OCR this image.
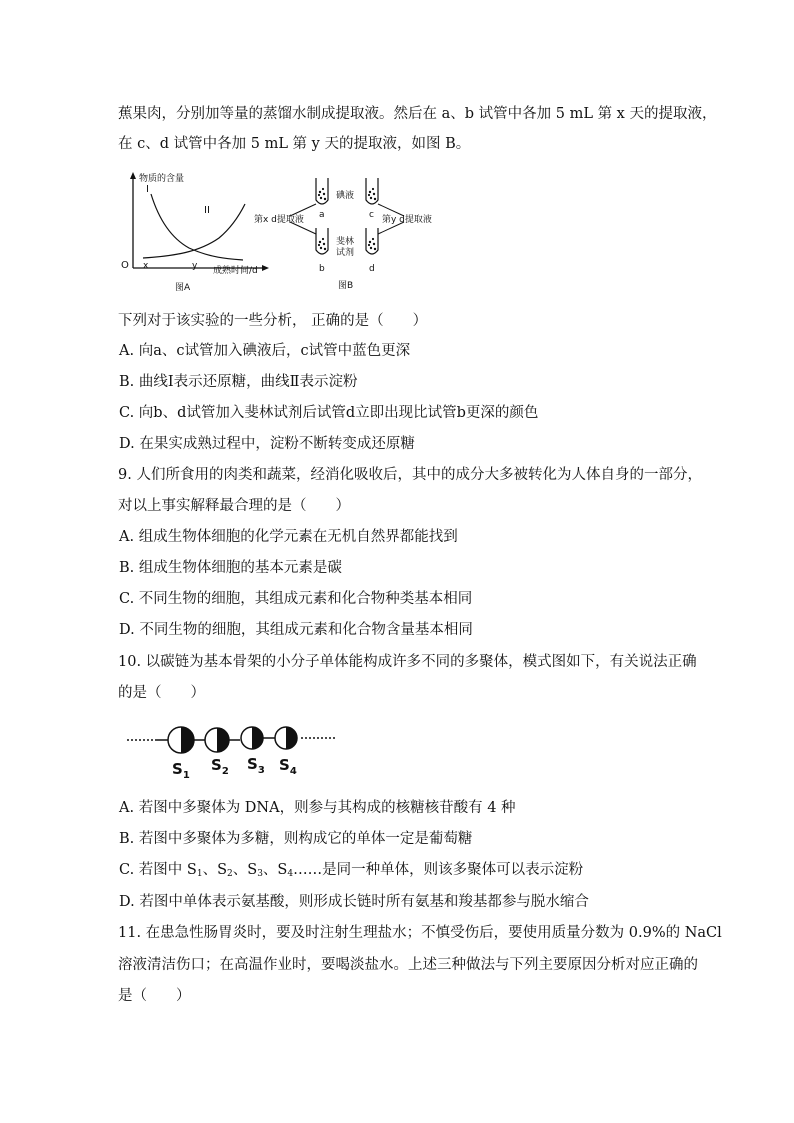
蕉果肉，分别加等量的蒸馏水制成提取液。然后在 a、b 试管中各加 5 mL 第 x 天的提取液，
在 c、d 试管中各加 5 mL 第 y 天的提取液，如图 B。
I
II
物质的含量
O x	y 成熟时间/d
图A
a	c
b	d
碘液
斐林
试剂
第x d提取液	第y d提取液
图B
下列对于该实验的一些分析， 正确的是（　　）
A. 向a、c试管加入碘液后，c试管中蓝色更深
B. 曲线Ⅰ表示还原糖，曲线Ⅱ表示淀粉
C. 向b、d试管加入斐林试剂后试管d立即出现比试管b更深的颜色
D. 在果实成熟过程中，淀粉不断转变成还原糖
9. 人们所食用的肉类和蔬菜，经消化吸收后，其中的成分大多被转化为人体自身的一部分，
对以上事实解释最合理的是（　　）
A. 组成生物体细胞的化学元素在无机自然界都能找到
B. 组成生物体细胞的基本元素是碳
C. 不同生物的细胞，其组成元素和化合物种类基本相同
D. 不同生物的细胞，其组成元素和化合物含量基本相同
10. 以碳链为基本骨架的小分子单体能构成许多不同的多聚体，模式图如下，有关说法正确
的是（　　）
$S_1$
$S_2$ $S_3$ $S_4$
A. 若图中多聚体为 DNA，则参与其构成的核糖核苷酸有 4 种
B. 若图中多聚体为多糖，则构成它的单体一定是葡萄糖
C. 若图中 $S_1$、$S_2$、$S_3$、$S_4\dots\dots$是同一种单体，则该多聚体可以表示淀粉
D. 若图中单体表示氨基酸，则形成长链时所有氨基和羧基都参与脱水缩合
11. 在患急性肠胃炎时，要及时注射生理盐水；不慎受伤后，要使用质量分数为 0.9%的 NaCl
溶液清洁伤口；在高温作业时，要喝淡盐水。上述三种做法与下列主要原因分析对应正确的
是（　　）
